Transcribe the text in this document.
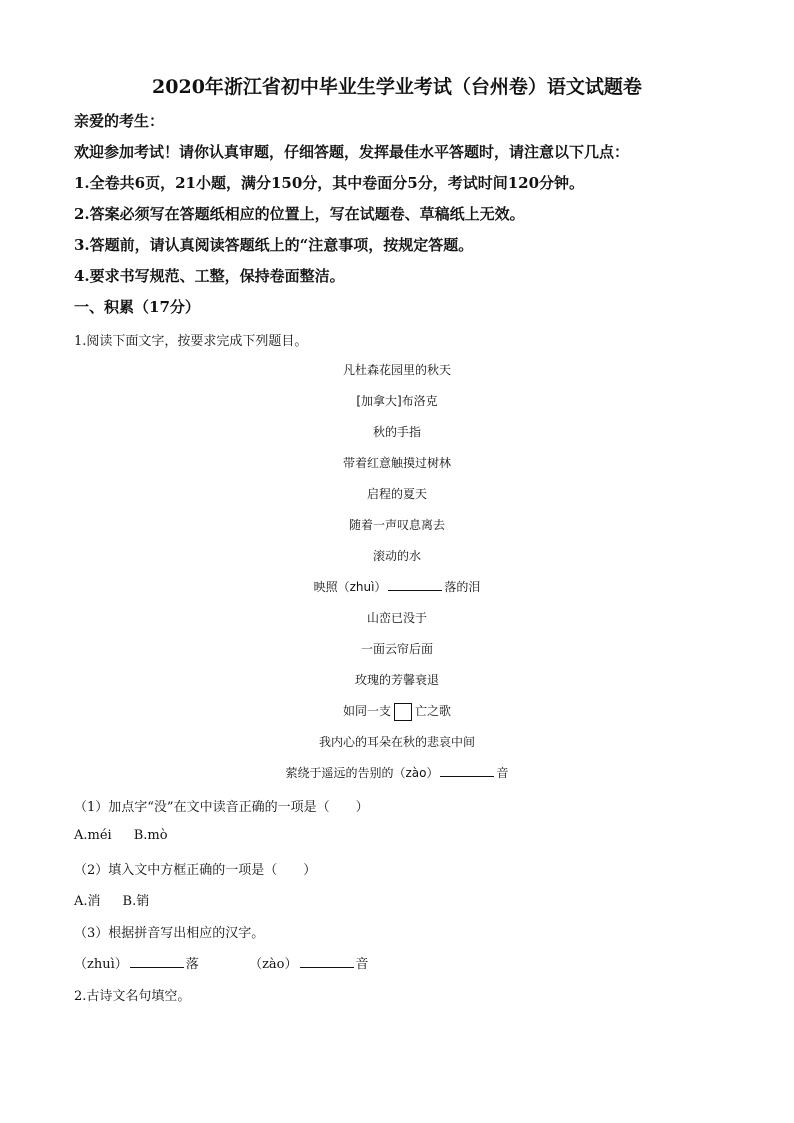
2020年浙江省初中毕业生学业考试（台州卷）语文试题卷
亲爱的考生：
欢迎参加考试！请你认真审题，仔细答题，发挥最佳水平答题时，请注意以下几点：
1.全卷共6页，21小题，满分150分，其中卷面分5分，考试时间120分钟。
2.答案必须写在答题纸相应的位置上，写在试题卷、草稿纸上无效。
3.答题前，请认真阅读答题纸上的“注意事项，按规定答题。
4.要求书写规范、工整，保持卷面整洁。
一、积累（17分）
1.阅读下面文字，按要求完成下列题目。
凡杜森花园里的秋天
[加拿大]布洛克
秋的手指
带着红意触摸过树林
启程的夏天
随着一声叹息离去
滚动的水
映照（zhuì）	落的泪
山峦已没于
一面云帘后面
玫瑰的芳馨衰退
如同一支 亡之歌
我内心的耳朵在秋的悲哀中间
萦绕于遥远的告别的（zào）	音
（1）加点字“没”在文中读音正确的一项是（　　）
A.méi B.mò
（2）填入文中方框正确的一项是（　　）
A.消 B.销
（3）根据拼音写出相应的汉字。
（zhuì）	落	（zào）	音
2.古诗文名句填空。
